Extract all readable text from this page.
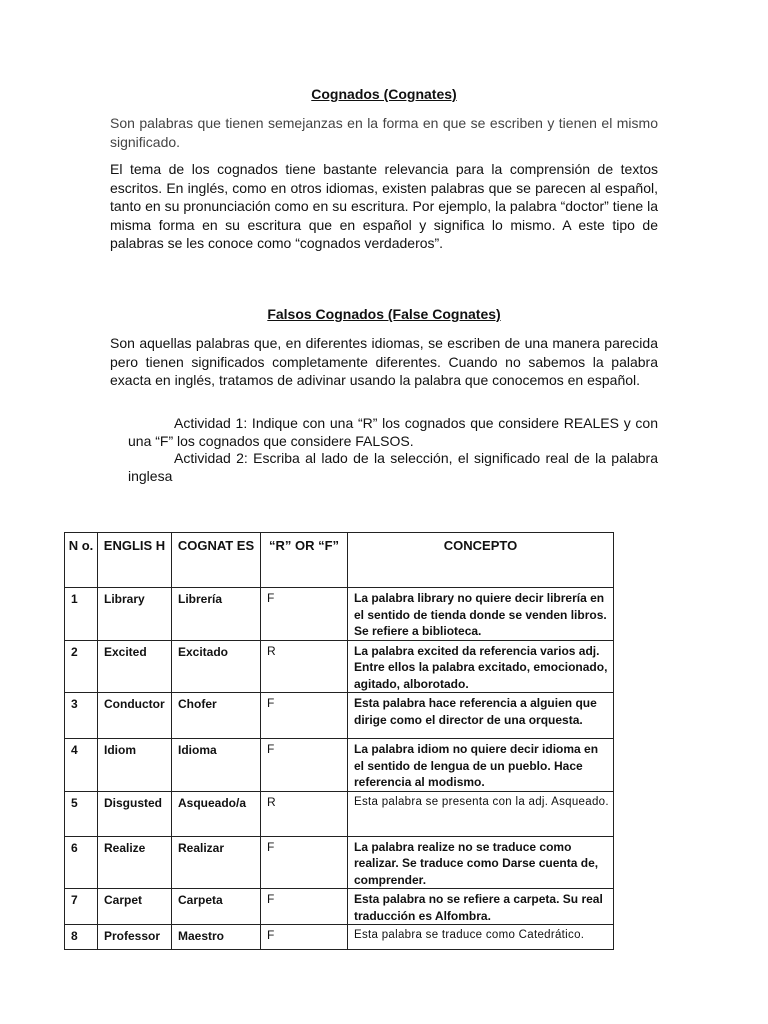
Cognados (Cognates)

Son palabras que tienen semejanzas en la forma en que se escriben y tienen el mismo significado.

El tema de los cognados tiene bastante relevancia para la comprensión de textos escritos. En inglés, como en otros idiomas, existen palabras que se parecen al español, tanto en su pronunciación como en su escritura. Por ejemplo, la palabra “doctor” tiene la misma forma en su escritura que en español y significa lo mismo. A este tipo de palabras se les conoce como “cognados verdaderos”.

Falsos Cognados (False Cognates)

Son aquellas palabras que, en diferentes idiomas, se escriben de una manera parecida pero tienen significados completamente diferentes. Cuando no sabemos la palabra exacta en inglés, tratamos de adivinar usando la palabra que conocemos en español.

Actividad 1: Indique con una “R” los cognados que considere REALES y con una “F” los cognados que considere FALSOS.

Actividad 2: Escriba al lado de la selección, el significado real de la palabra inglesa

N o.	ENGLIS H	COGNAT ES	“R” OR “F”	CONCEPTO
1	Library	Librería	F	La palabra library no quiere decir librería en el sentido de tienda donde se venden libros. Se refiere a biblioteca.
2	Excited	Excitado	R	La palabra excited da referencia varios adj. Entre ellos la palabra excitado, emocionado, agitado, alborotado.
3	Conductor	Chofer	F	Esta palabra hace referencia a alguien que dirige como el director de una orquesta.
4	Idiom	Idioma	F	La palabra idiom no quiere decir idioma en el sentido de lengua de un pueblo. Hace referencia al modismo.
5	Disgusted	Asqueado/a	R	Esta palabra se presenta con la adj. Asqueado.
6	Realize	Realizar	F	La palabra realize no se traduce como realizar. Se traduce como Darse cuenta de, comprender.
7	Carpet	Carpeta	F	Esta palabra no se refiere a carpeta. Su real traducción es Alfombra.
8	Professor	Maestro	F	Esta palabra se traduce como Catedrático.
